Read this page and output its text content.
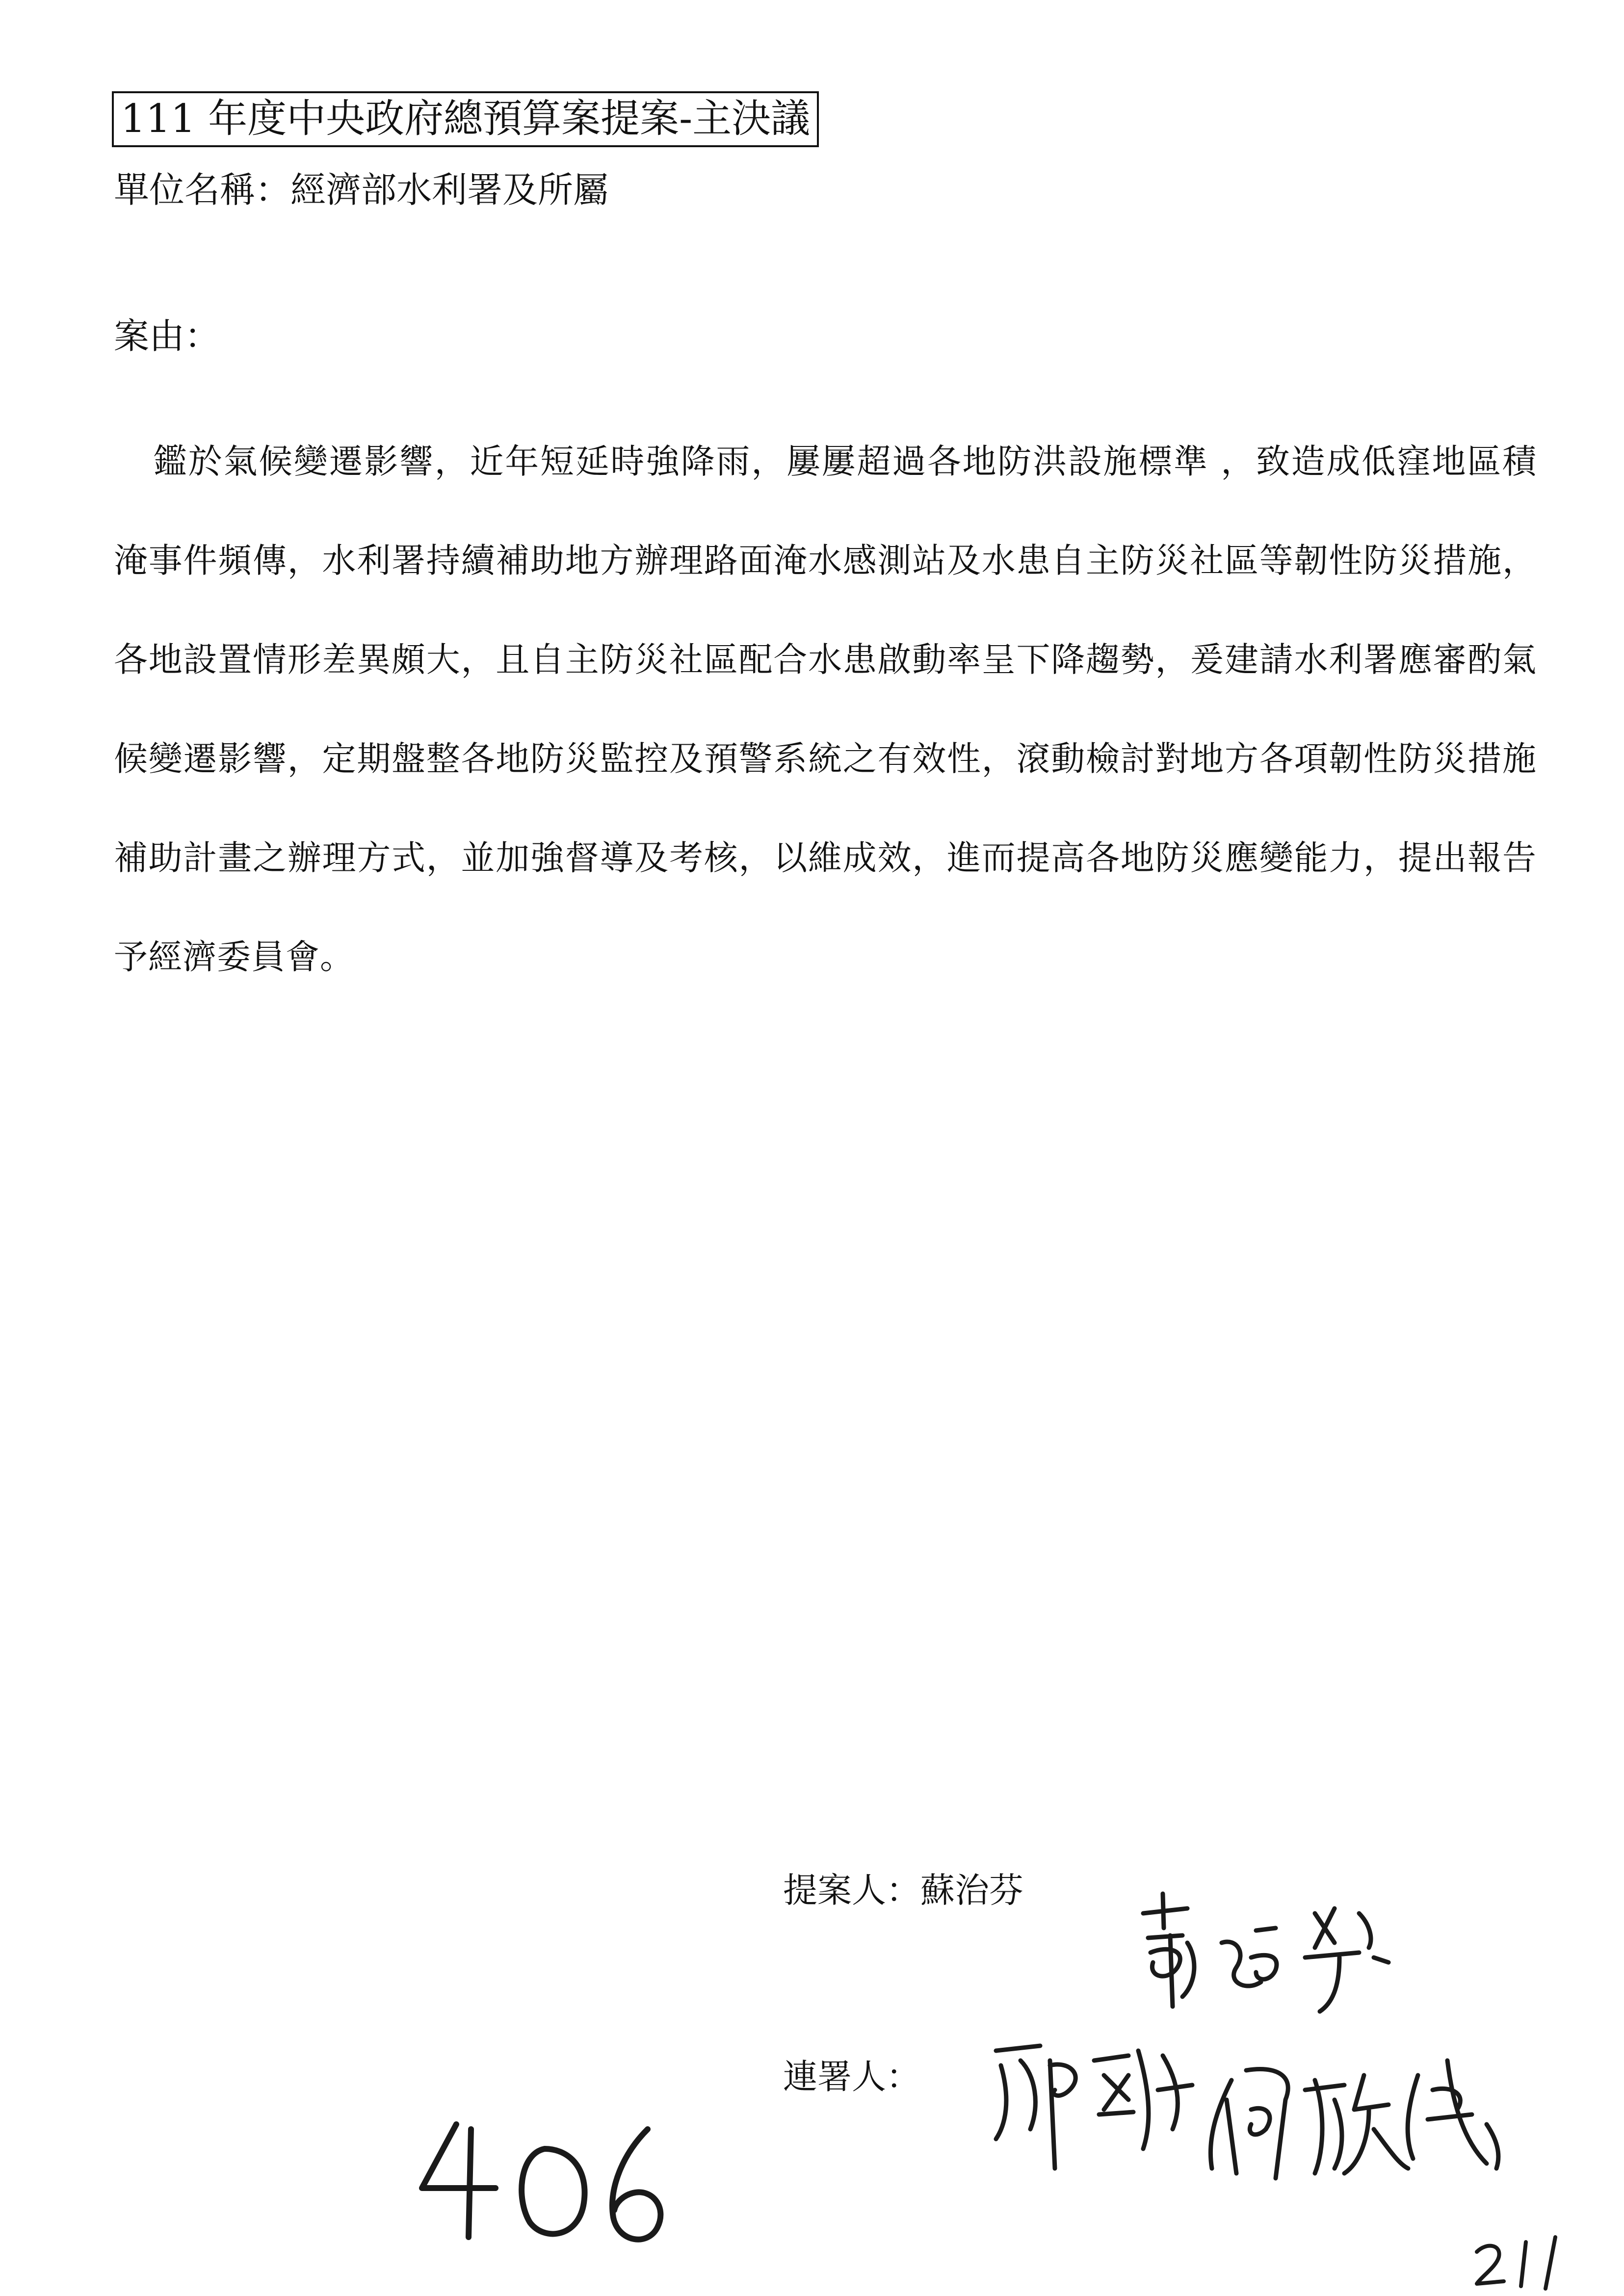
111 年度中央政府總預算案提案-主決議
單位名稱：經濟部水利署及所屬
案由：
鑑於氣候變遷影響，近年短延時強降雨，屢屢超過各地防洪設施標準 ，致造成低窪地區積淹事件頻傳，水利署持續補助地方辦理路面淹水感測站及水患自主防災社區等韌性防災措施，各地設置情形差異頗大，且自主防災社區配合水患啟動率呈下降趨勢，爰建請水利署應審酌氣候變遷影響，定期盤整各地防災監控及預警系統之有效性，滾動檢討對地方各項韌性防災措施補助計畫之辦理方式，並加強督導及考核，以維成效，進而提高各地防災應變能力，提出報告予經濟委員會。
提案人：蘇治芬
連署人：
